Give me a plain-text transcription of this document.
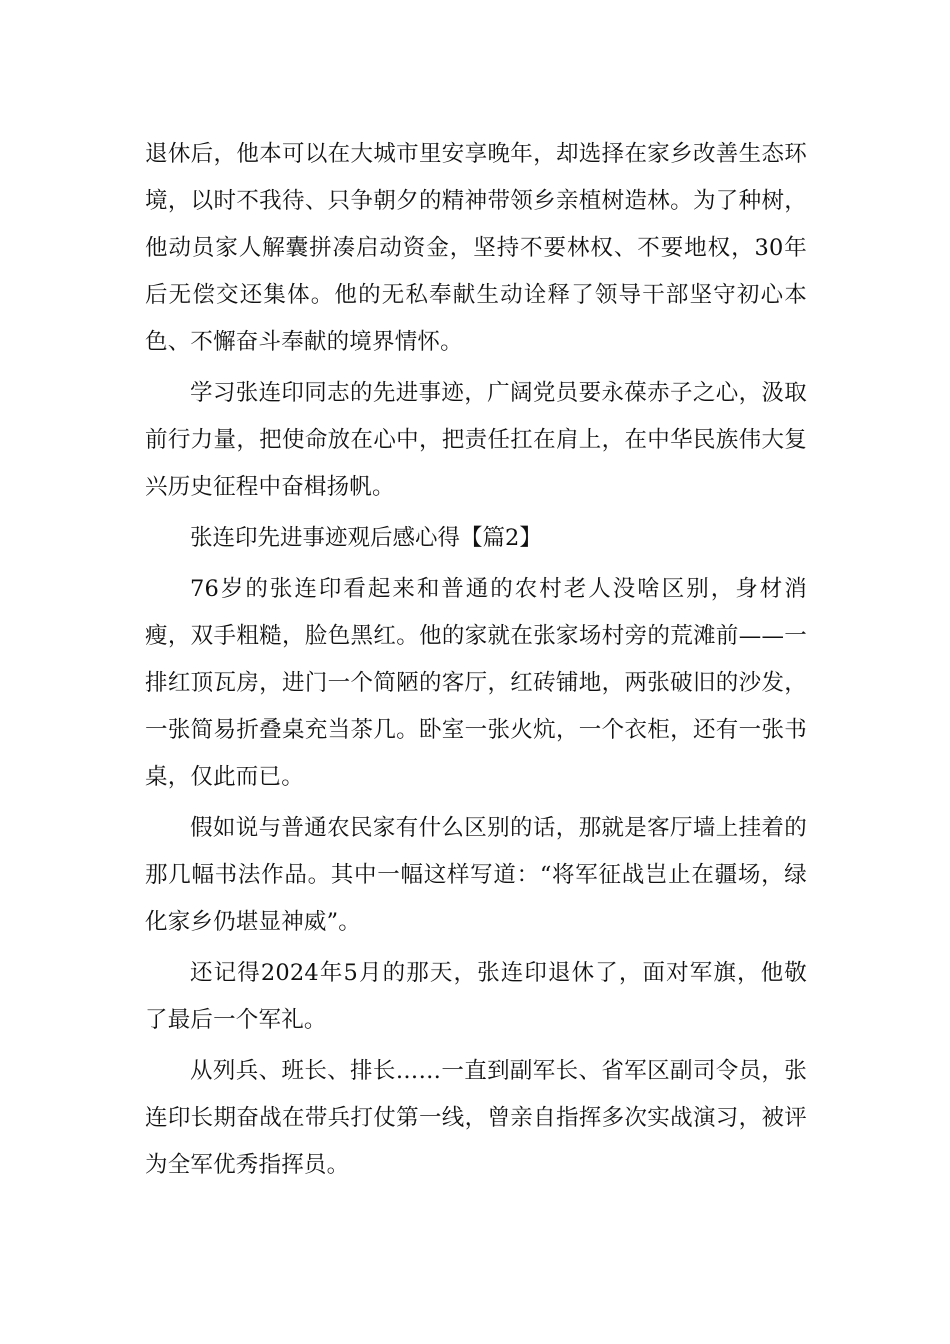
退休后，他本可以在大城市里安享晚年，却选择在家乡改善生态环境，以时不我待、只争朝夕的精神带领乡亲植树造林。为了种树，他动员家人解囊拼凑启动资金，坚持不要林权、不要地权，30年后无偿交还集体。他的无私奉献生动诠释了领导干部坚守初心本色、不懈奋斗奉献的境界情怀。

学习张连印同志的先进事迹，广阔党员要永葆赤子之心，汲取前行力量，把使命放在心中，把责任扛在肩上，在中华民族伟大复兴历史征程中奋楫扬帆。

张连印先进事迹观后感心得【篇2】

76岁的张连印看起来和普通的农村老人没啥区别，身材消瘦，双手粗糙，脸色黑红。他的家就在张家场村旁的荒滩前——一排红顶瓦房，进门一个简陋的客厅，红砖铺地，两张破旧的沙发，一张简易折叠桌充当茶几。卧室一张火炕，一个衣柜，还有一张书桌，仅此而已。

假如说与普通农民家有什么区别的话，那就是客厅墙上挂着的那几幅书法作品。其中一幅这样写道：“将军征战岂止在疆场，绿化家乡仍堪显神威”。

还记得2024年5月的那天，张连印退休了，面对军旗，他敬了最后一个军礼。

从列兵、班长、排长……一直到副军长、省军区副司令员，张连印长期奋战在带兵打仗第一线，曾亲自指挥多次实战演习，被评为全军优秀指挥员。
